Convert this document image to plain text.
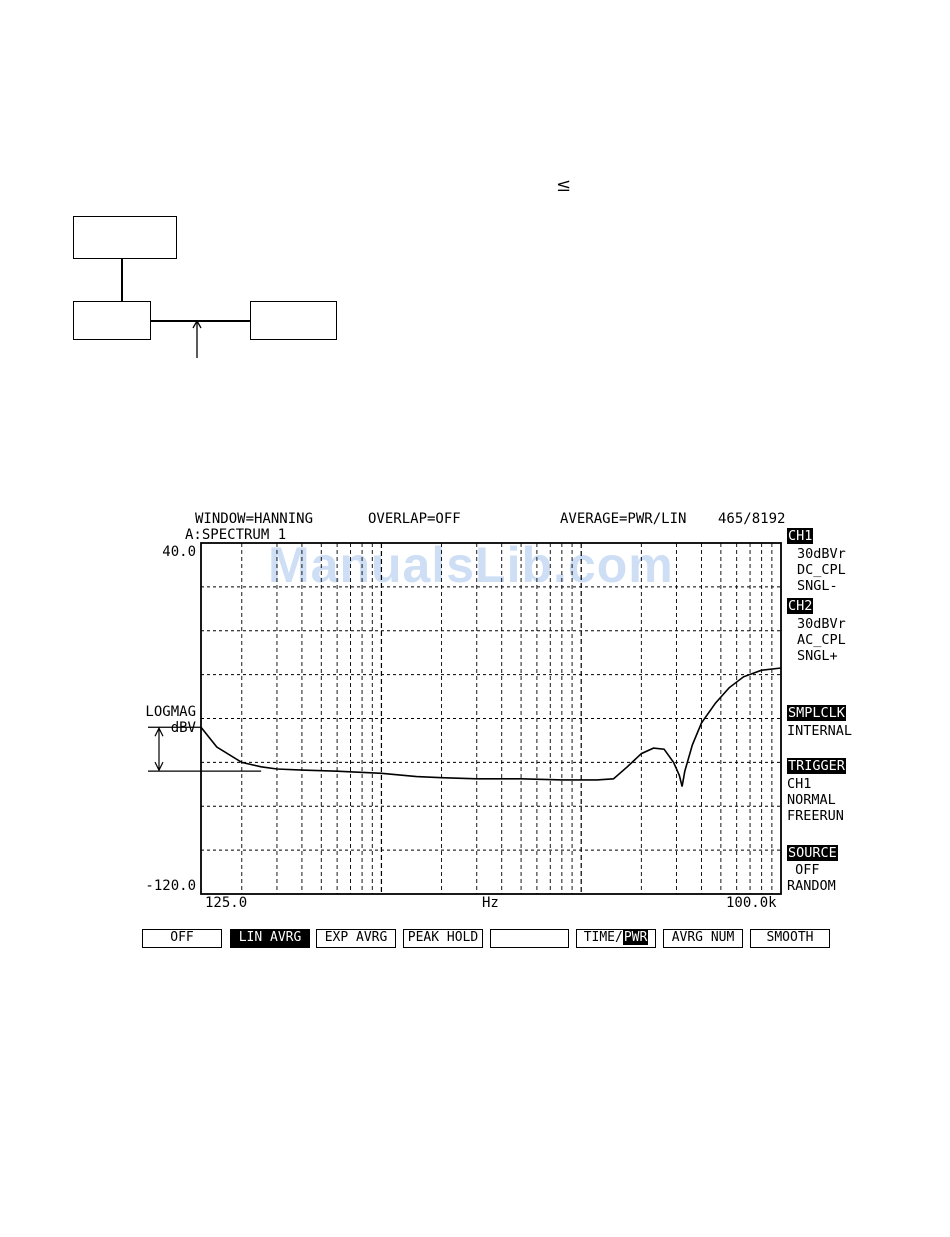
≤
ManualsLib.com
WINDOW=HANNING	OVERLAP=OFF	AVERAGE=PWR/LIN 465/8192
A:SPECTRUM 1
40.0
LOGMAG
dBV
-120.0
125.0	Hz	100.0k
CH1
30dBVr
DC_CPL
SNGL-
CH2
30dBVr
AC_CPL
SNGL+
SMPLCLK
INTERNAL
TRIGGER
CH1
NORMAL
FREERUN
SOURCE
OFF
RANDOM
OFF	LIN AVRG	EXP AVRG	PEAK HOLD	TIME/PWR	AVRG NUM	SMOOTH
